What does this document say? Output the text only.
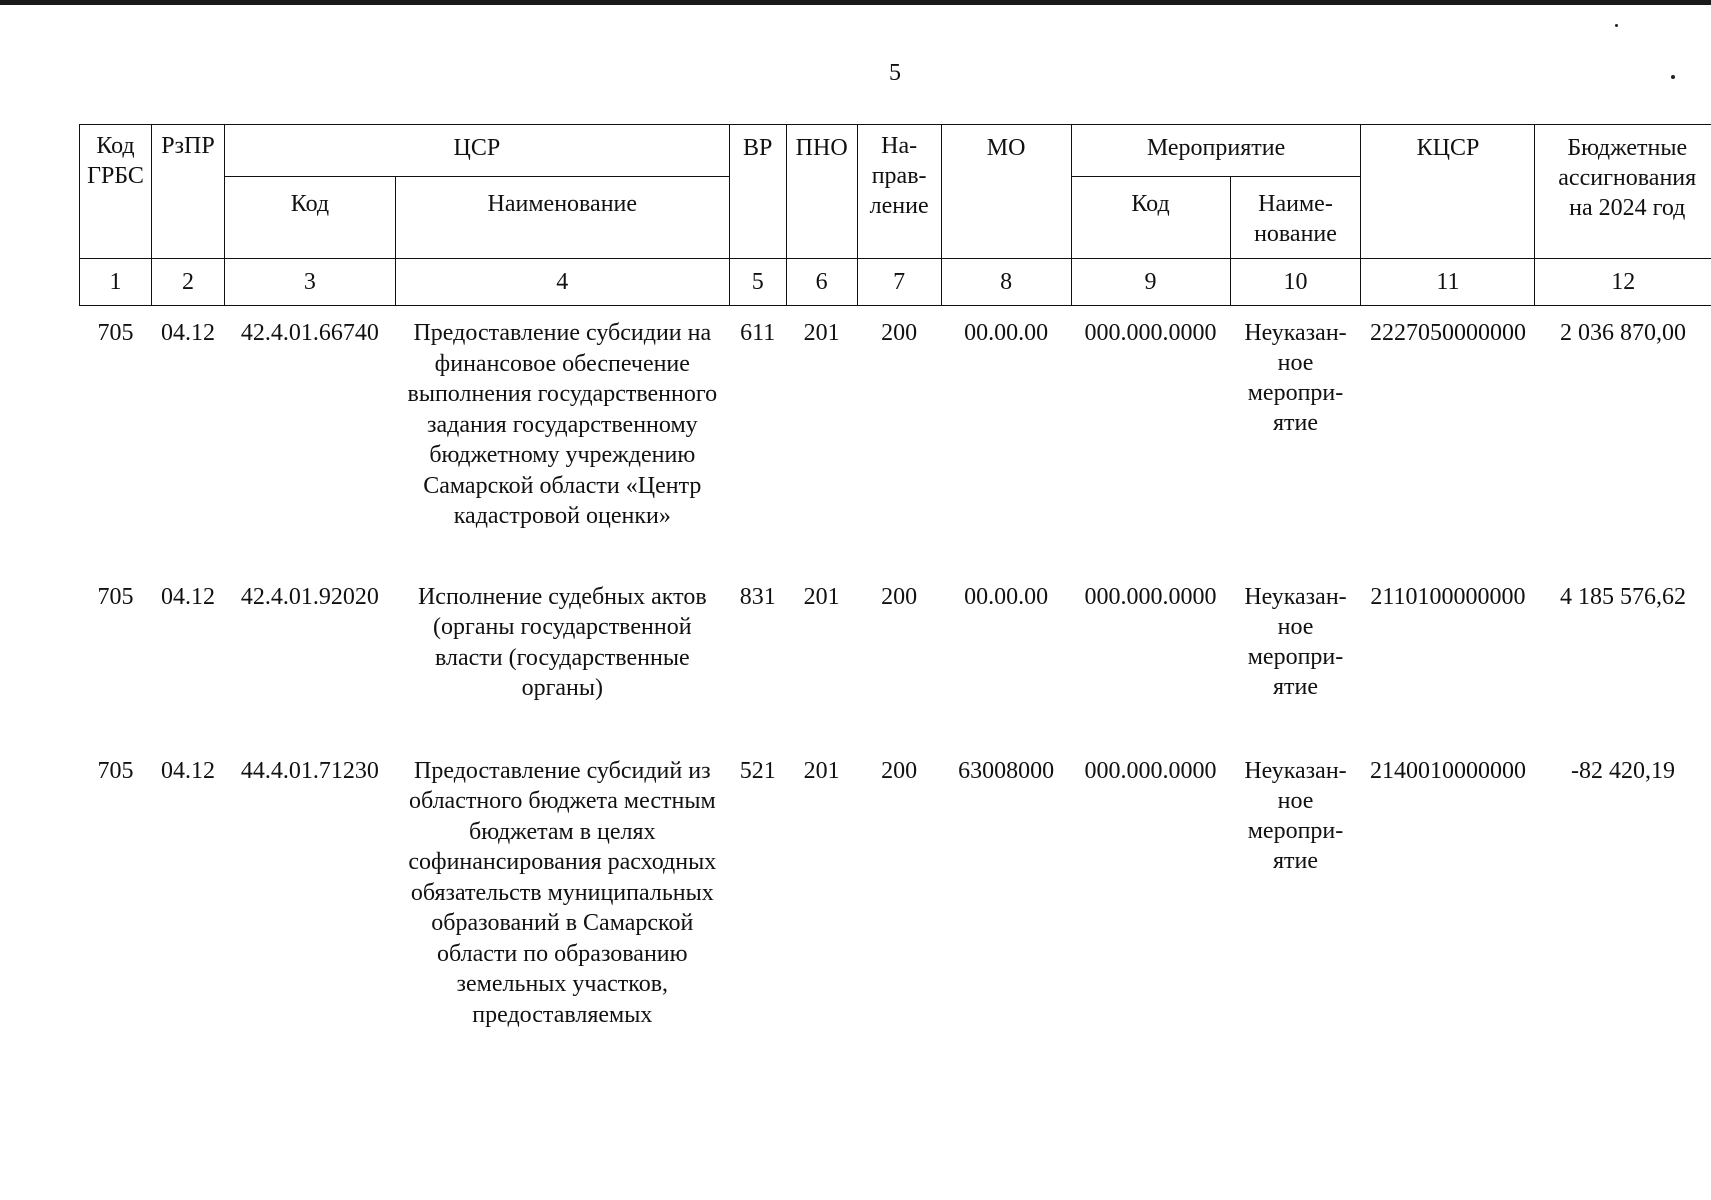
5
Код ГРБС	РзПР	ЦСР		ВР	ПНО	На-прав-ление	МО	Мероприятие		КЦСР	Бюджетные ассигнования на 2024 год
		Код	Наименование					Код	Наиме-нование		
1	2	3	4	5	6	7	8	9	10	11	12
705	04.12	42.4.01.66740	Предоставление субсидии на финансовое обеспечение выполнения государственного задания государственному бюджетному учреждению Самарской области «Центр кадастровой оценки»	611	201	200	00.00.00	000.000.0000	Неуказан-ное меропри-ятие	2227050000000	2 036 870,00
705	04.12	42.4.01.92020	Исполнение судебных актов (органы государственной власти (государственные органы)	831	201	200	00.00.00	000.000.0000	Неуказан-ное меропри-ятие	2110100000000	4 185 576,62
705	04.12	44.4.01.71230	Предоставление субсидий из областного бюджета местным бюджетам в целях софинансирования расходных обязательств муниципальных образований в Самарской области по образованию земельных участков, предоставляемых	521	201	200	63008000	000.000.0000	Неуказан-ное меропри-ятие	2140010000000	-82 420,19
